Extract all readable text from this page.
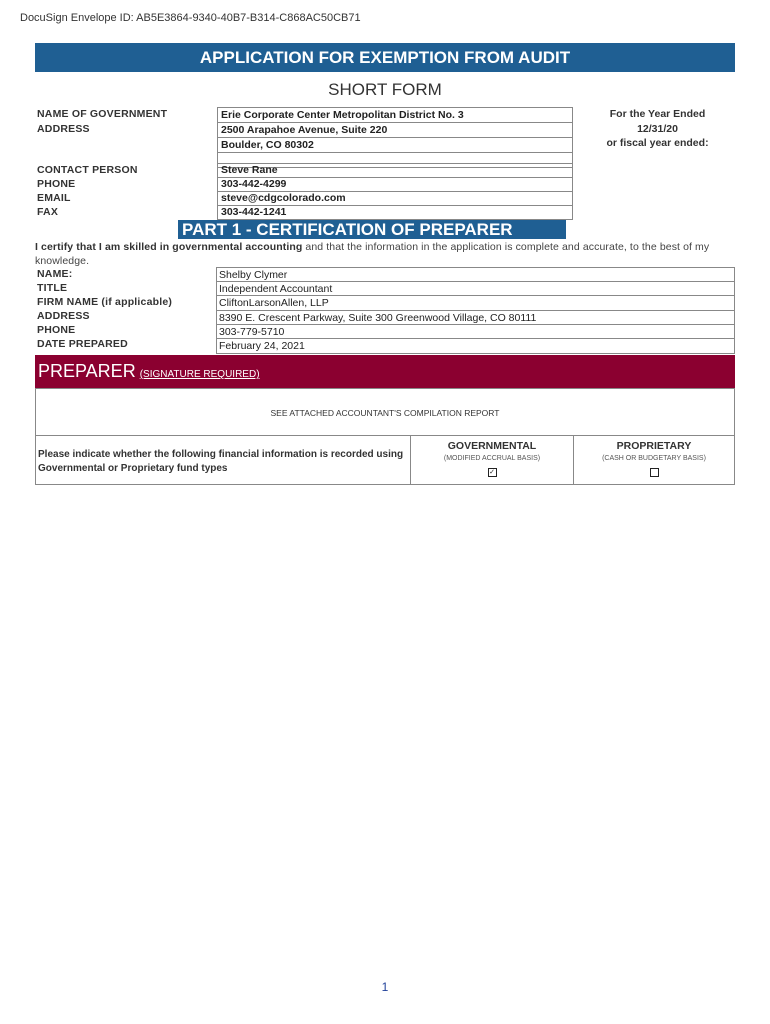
DocuSign Envelope ID: AB5E3864-9340-40B7-B314-C868AC50CB71
APPLICATION FOR EXEMPTION FROM AUDIT
SHORT FORM
NAME OF GOVERNMENT
ADDRESS
Erie Corporate Center Metropolitan District No. 3
2500 Arapahoe Avenue, Suite 220
Boulder, CO 80302
For the Year Ended
12/31/20
or fiscal year ended:
CONTACT PERSON
PHONE
EMAIL
FAX
Steve Rane
303-442-4299
steve@cdgcolorado.com
303-442-1241
PART 1 - CERTIFICATION OF PREPARER
I certify that I am skilled in governmental accounting and that the information in the application is complete and accurate, to the best of my knowledge.
NAME:
TITLE
FIRM NAME (if applicable)
ADDRESS
PHONE
DATE PREPARED
Shelby Clymer
Independent Accountant
CliftonLarsonAllen, LLP
8390 E. Crescent Parkway, Suite 300 Greenwood Village, CO 80111
303-779-5710
February 24, 2021
PREPARER (SIGNATURE REQUIRED)
SEE ATTACHED ACCOUNTANT'S COMPILATION REPORT
Please indicate whether the following financial information is recorded using Governmental or Proprietary fund types
GOVERNMENTAL
(MODIFIED ACCRUAL BASIS)
✓
PROPRIETARY
(CASH OR BUDGETARY BASIS)
1
